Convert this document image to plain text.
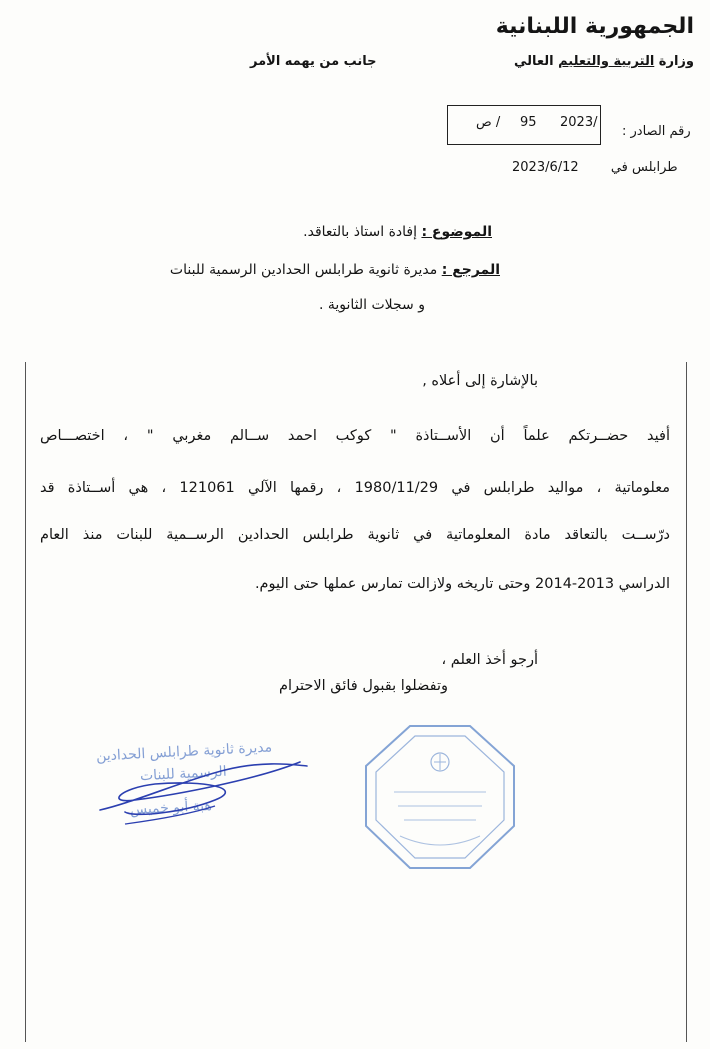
الجمهورية اللبنانية
وزارة التربية والتعليم العالي
جانب من يهمه الأمر
2023/
95
/ ص
رقم الصادر :
2023/6/12 طرابلس في
الموضوع : إفادة استاذ بالتعاقد.
المرجع : مديرة ثانوية طرابلس الحدادين الرسمية للبنات
و سجلات الثانوية .
بالإشارة إلى أعلاه ,
أفيد حضــرتكم علماً أن الأســتاذة " كوكب احمد ســالم مغربي " ، اختصـــاص
معلوماتية ، مواليد طرابلس في 1980/11/29 ، رقمها الآلي 121061 ، هي أســتاذة قد
درّســت بالتعاقد مادة المعلوماتية في ثانوية طرابلس الحدادين الرســمية للبنات منذ العام
الدراسي 2013-2014 وحتى تاريخه ولازالت تمارس عملها حتى اليوم.
أرجو أخذ العلم ،
وتفضلوا بقبول فائق الاحترام
مديرة ثانوية طرابلس الحدادين
الرسمية للبنات
هبة أبو خميس
